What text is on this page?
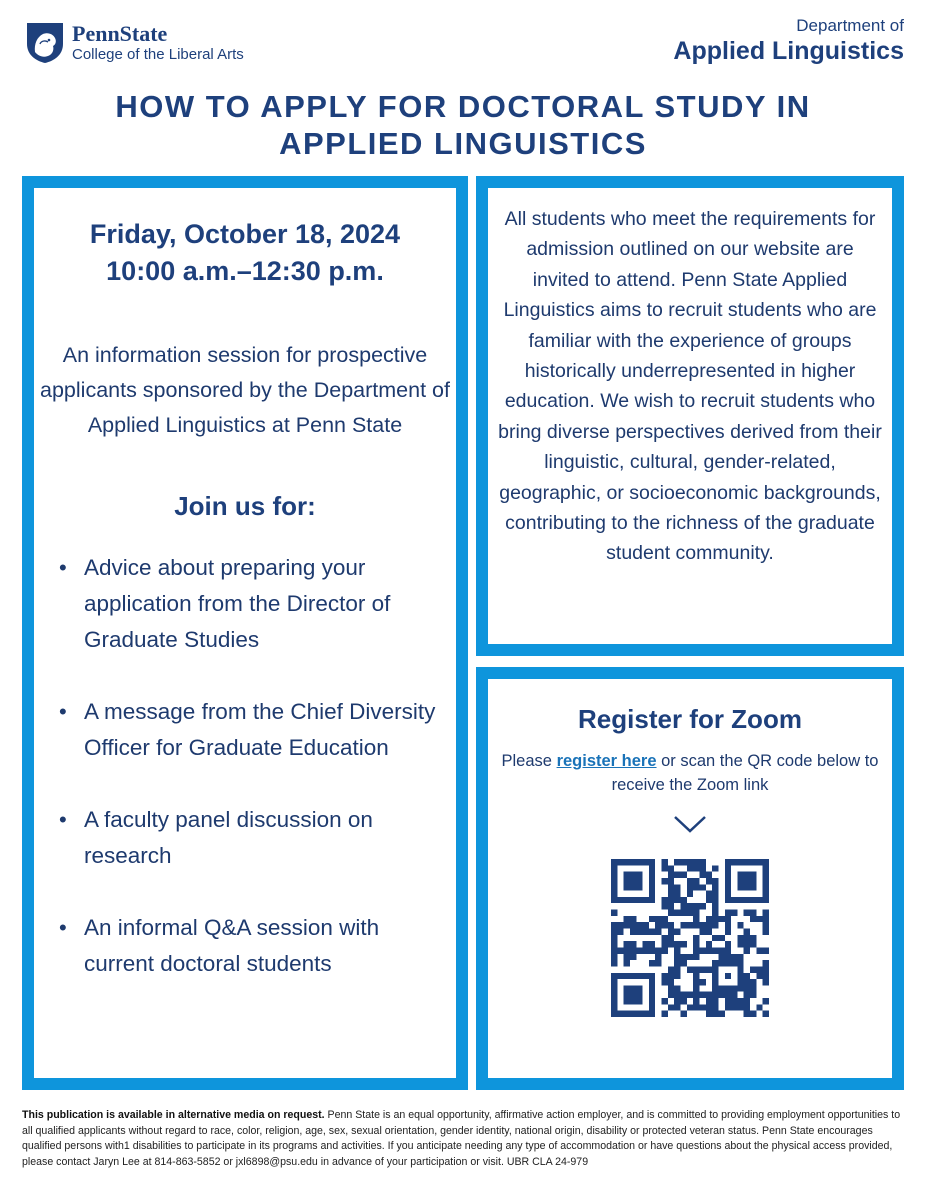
PennState
College of the Liberal Arts
Department of
Applied Linguistics
HOW TO APPLY FOR DOCTORAL STUDY IN
APPLIED LINGUISTICS
Friday, October 18, 2024
10:00 a.m.–12:30 p.m.
An information session for prospective applicants sponsored by the Department of Applied Linguistics at Penn State
Join us for:
• Advice about preparing your application from the Director of Graduate Studies
• A message from the Chief Diversity Officer for Graduate Education
• A faculty panel discussion on research
• An informal Q&A session with current doctoral students
All students who meet the requirements for admission outlined on our website are invited to attend. Penn State Applied Linguistics aims to recruit students who are familiar with the experience of groups historically underrepresented in higher education. We wish to recruit students who bring diverse perspectives derived from their linguistic, cultural, gender-related, geographic, or socioeconomic backgrounds, contributing to the richness of the graduate student community.
Register for Zoom
Please register here or scan the QR code below to receive the Zoom link
This publication is available in alternative media on request. Penn State is an equal opportunity, affirmative action employer, and is committed to providing employment opportunities to all qualified applicants without regard to race, color, religion, age, sex, sexual orientation, gender identity, national origin, disability or protected veteran status. Penn State encourages qualified persons with1 disabilities to participate in its programs and activities. If you anticipate needing any type of accommodation or have questions about the physical access provided, please contact Jaryn Lee at 814-863-5852 or jxl6898@psu.edu in advance of your participation or visit. UBR CLA 24-979
